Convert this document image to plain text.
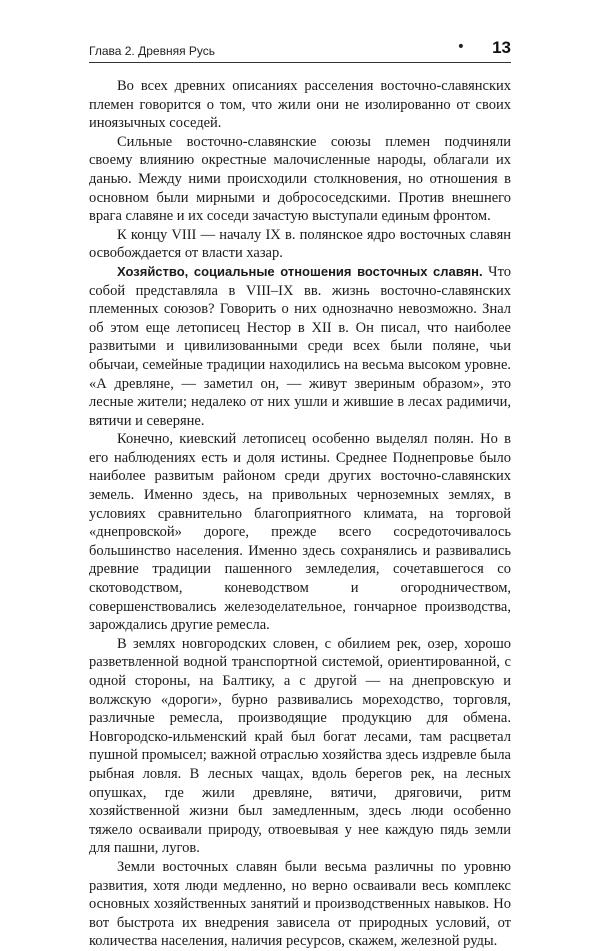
Глава 2. Древняя Русь	• 13

Во всех древних описаниях расселения восточно-славянских племен говорится о том, что жили они не изолированно от своих иноязычных соседей.

Сильные восточно-славянские союзы племен подчиняли своему влиянию окрестные малочисленные народы, облагали их данью. Между ними происходили столкновения, но отношения в основном были мирными и добрососедскими. Против внешнего врага славяне и их соседи зачастую выступали единым фронтом.

К концу VIII — началу IX в. полянское ядро восточных славян освобождается от власти хазар.

Хозяйство, социальные отношения восточных славян. Что собой представляла в VIII–IX вв. жизнь восточно-славянских племенных союзов? Говорить о них однозначно невозможно. Знал об этом еще летописец Нестор в XII в. Он писал, что наиболее развитыми и цивилизованными среди всех были поляне, чьи обычаи, семейные традиции находились на весьма высоком уровне. «А древляне, — заметил он, — живут звериным образом», это лесные жители; недалеко от них ушли и жившие в лесах радимичи, вятичи и северяне.

Конечно, киевский летописец особенно выделял полян. Но в его наблюдениях есть и доля истины. Среднее Поднепровье было наиболее развитым районом среди других восточно-славянских земель. Именно здесь, на привольных черноземных землях, в условиях сравнительно благоприятного климата, на торговой «днепровской» дороге, прежде всего сосредоточивалось большинство населения. Именно здесь сохранялись и развивались древние традиции пашенного земледелия, сочетавшегося со скотоводством, коневодством и огородничеством, совершенствовались железоделательное, гончарное производства, зарождались другие ремесла.

В землях новгородских словен, с обилием рек, озер, хорошо разветвленной водной транспортной системой, ориентированной, с одной стороны, на Балтику, а с другой — на днепровскую и волжскую «дороги», бурно развивались мореходство, торговля, различные ремесла, производящие продукцию для обмена. Новгородско-ильменский край был богат лесами, там расцветал пушной промысел; важной отраслью хозяйства здесь издревле была рыбная ловля. В лесных чащах, вдоль берегов рек, на лесных опушках, где жили древляне, вятичи, дряговичи, ритм хозяйственной жизни был замедленным, здесь люди особенно тяжело осваивали природу, отвоевывая у нее каждую пядь земли для пашни, лугов.

Земли восточных славян были весьма различны по уровню развития, хотя люди медленно, но верно осваивали весь комплекс основных хозяйственных занятий и производственных навыков. Но вот быстрота их внедрения зависела от природных условий, от количества населения, наличия ресурсов, скажем, железной руды.
